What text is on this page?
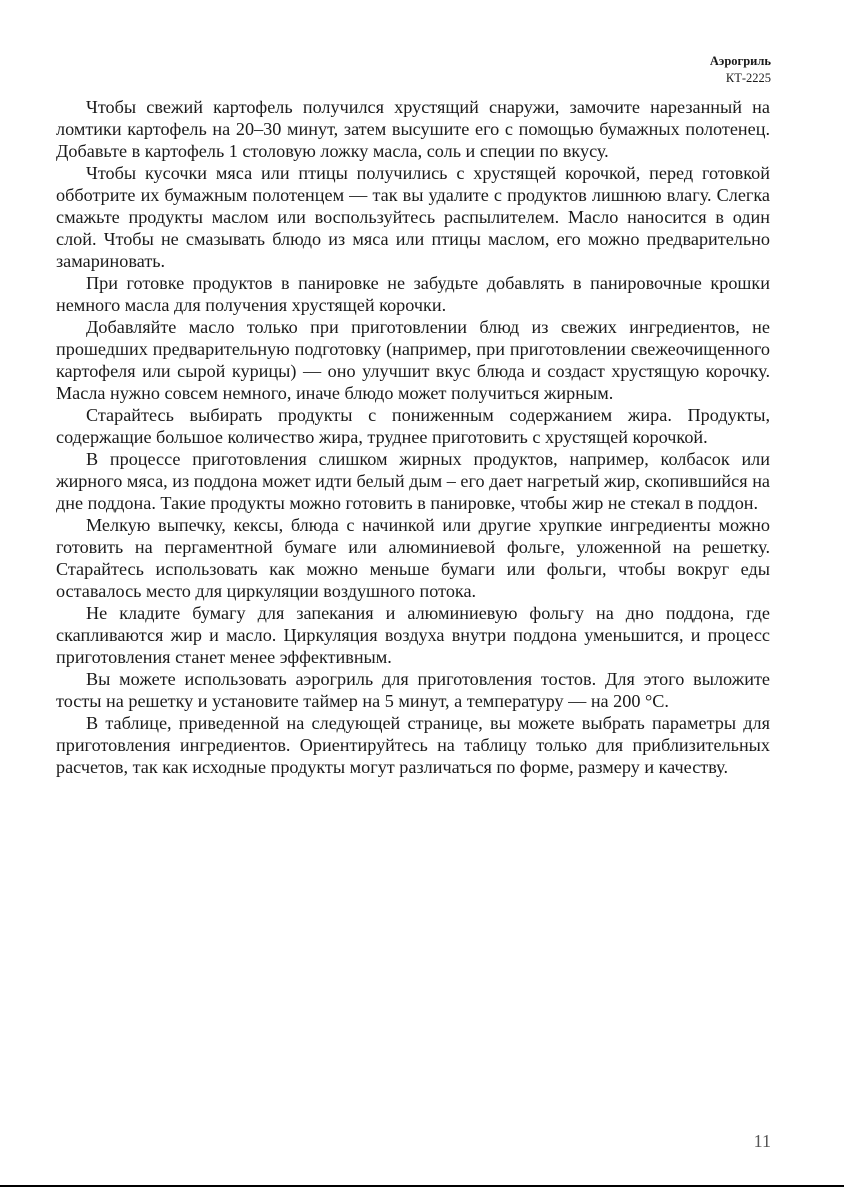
Аэрогриль
КТ-2225

Чтобы свежий картофель получился хрустящий снаружи, замочите нарезанный на ломтики картофель на 20–30 минут, затем высушите его с помощью бумажных полотенец. Добавьте в картофель 1 столовую ложку масла, соль и специи по вкусу.

Чтобы кусочки мяса или птицы получились с хрустящей корочкой, перед готовкой обботрите их бумажным полотенцем — так вы удалите с продуктов лишнюю влагу. Слегка смажьте продукты маслом или воспользуйтесь распылителем. Масло наносится в один слой. Чтобы не смазывать блюдо из мяса или птицы маслом, его можно предварительно замариновать.

При готовке продуктов в панировке не забудьте добавлять в панировочные крошки немного масла для получения хрустящей корочки.

Добавляйте масло только при приготовлении блюд из свежих ингредиентов, не прошедших предварительную подготовку (например, при приготовлении свежеочищенного картофеля или сырой курицы) — оно улучшит вкус блюда и создаст хрустящую корочку. Масла нужно совсем немного, иначе блюдо может получиться жирным.

Старайтесь выбирать продукты с пониженным содержанием жира. Продукты, содержащие большое количество жира, труднее приготовить с хрустящей корочкой.

В процессе приготовления слишком жирных продуктов, например, колбасок или жирного мяса, из поддона может идти белый дым – его дает нагретый жир, скопившийся на дне поддона. Такие продукты можно готовить в панировке, чтобы жир не стекал в поддон.

Мелкую выпечку, кексы, блюда с начинкой или другие хрупкие ингредиенты можно готовить на пергаментной бумаге или алюминиевой фольге, уложенной на решетку. Старайтесь использовать как можно меньше бумаги или фольги, чтобы вокруг еды оставалось место для циркуляции воздушного потока.

Не кладите бумагу для запекания и алюминиевую фольгу на дно поддона, где скапливаются жир и масло. Циркуляция воздуха внутри поддона уменьшится, и процесс приготовления станет менее эффективным.

Вы можете использовать аэрогриль для приготовления тостов. Для этого выложите тосты на решетку и установите таймер на 5 минут, а температуру — на 200 °С.

В таблице, приведенной на следующей странице, вы можете выбрать параметры для приготовления ингредиентов. Ориентируйтесь на таблицу только для приблизительных расчетов, так как исходные продукты могут различаться по форме, размеру и качеству.

11
